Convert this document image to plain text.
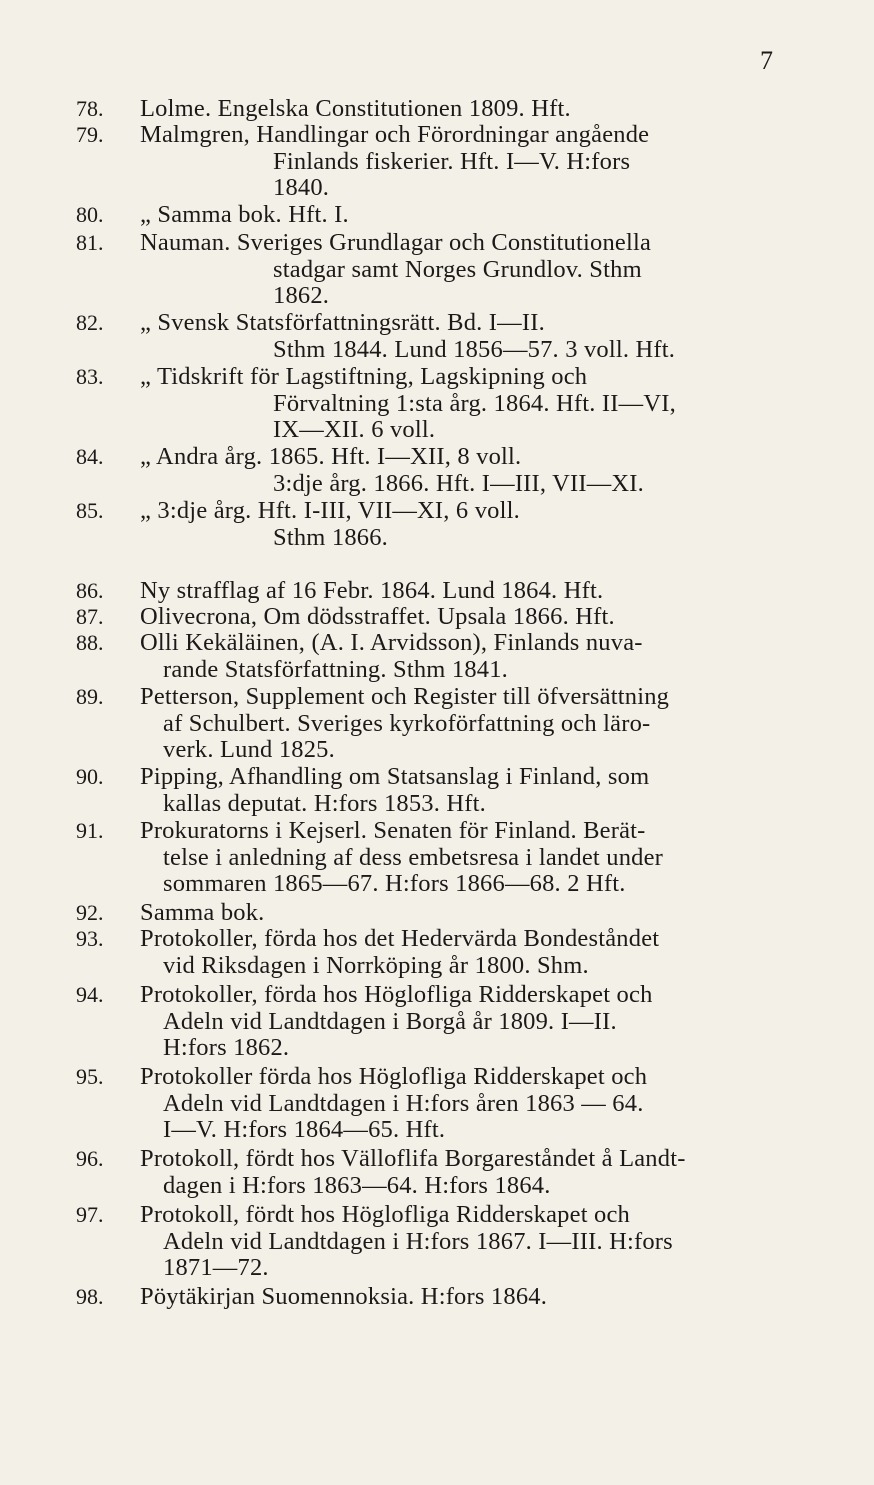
7
78. Lolme. Engelska Constitutionen 1809. Hft.
79. Malmgren, Handlingar och Förordningar angående
Finlands fiskerier. Hft. I—V. H:fors
1840.
80. „ Samma bok. Hft. I.
81. Nauman. Sveriges Grundlagar och Constitutionella
stadgar samt Norges Grundlov. Sthm
1862.
82. „ Svensk Statsförfattningsrätt. Bd. I—II.
Sthm 1844. Lund 1856—57. 3 voll. Hft.
83. „ Tidskrift för Lagstiftning, Lagskipning och
Förvaltning 1:sta årg. 1864. Hft. II—VI,
IX—XII. 6 voll.
84. „ Andra årg. 1865. Hft. I—XII, 8 voll.
3:dje årg. 1866. Hft. I—III, VII—XI.
85. „ 3:dje årg. Hft. I-III, VII—XI, 6 voll.
Sthm 1866.
86. Ny strafflag af 16 Febr. 1864. Lund 1864. Hft.
87. Olivecrona, Om dödsstraffet. Upsala 1866. Hft.
88. Olli Kekäläinen, (A. I. Arvidsson), Finlands nuva-
rande Statsförfattning. Sthm 1841.
89. Petterson, Supplement och Register till öfversättning
af Schulbert. Sveriges kyrkoförfattning och läro-
verk. Lund 1825.
90. Pipping, Afhandling om Statsanslag i Finland, som
kallas deputat. H:fors 1853. Hft.
91. Prokuratorns i Kejserl. Senaten för Finland. Berät-
telse i anledning af dess embetsresa i landet under
sommaren 1865—67. H:fors 1866—68. 2 Hft.
92. Samma bok.
93. Protokoller, förda hos det Hedervärda Bondeståndet
vid Riksdagen i Norrköping år 1800. Shm.
94. Protokoller, förda hos Höglofliga Ridderskapet och
Adeln vid Landtdagen i Borgå år 1809. I—II.
H:fors 1862.
95. Protokoller förda hos Höglofliga Ridderskapet och
Adeln vid Landtdagen i H:fors åren 1863 — 64.
I—V. H:fors 1864—65. Hft.
96. Protokoll, fördt hos Välloflifa Borgareståndet å Landt-
dagen i H:fors 1863—64. H:fors 1864.
97. Protokoll, fördt hos Höglofliga Ridderskapet och
Adeln vid Landtdagen i H:fors 1867. I—III. H:fors
1871—72.
98. Pöytäkirjan Suomennoksia. H:fors 1864.
